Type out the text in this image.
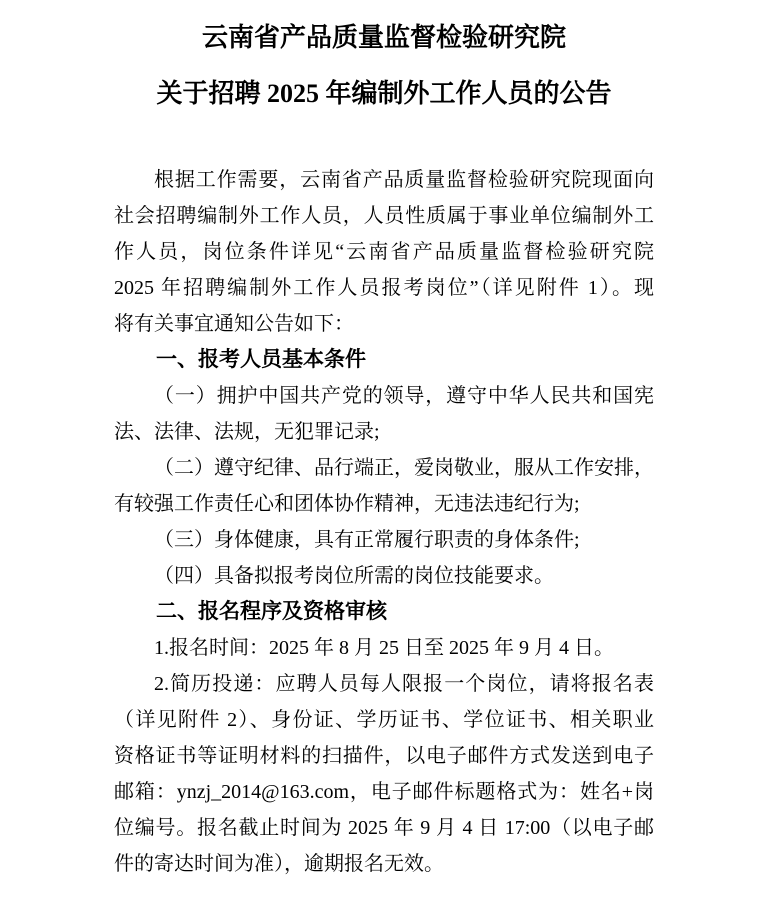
云南省产品质量监督检验研究院
关于招聘 2025 年编制外工作人员的公告
根据工作需要，云南省产品质量监督检验研究院现面向
社会招聘编制外工作人员，人员性质属于事业单位编制外工
作人员，岗位条件详见“云南省产品质量监督检验研究院
2025 年招聘编制外工作人员报考岗位”（详见附件 1）。现
将有关事宜通知公告如下：
一、报考人员基本条件
（一）拥护中国共产党的领导，遵守中华人民共和国宪
法、法律、法规，无犯罪记录;
（二）遵守纪律、品行端正，爱岗敬业，服从工作安排，
有较强工作责任心和团体协作精神，无违法违纪行为;
（三）身体健康，具有正常履行职责的身体条件;
（四）具备拟报考岗位所需的岗位技能要求。
二、报名程序及资格审核
1.报名时间：2025 年 8 月 25 日至 2025 年 9 月 4 日。
2.简历投递：应聘人员每人限报一个岗位，请将报名表
（详见附件 2）、身份证、学历证书、学位证书、相关职业
资格证书等证明材料的扫描件，以电子邮件方式发送到电子
邮箱：ynzj_2014@163.com，电子邮件标题格式为：姓名+岗
位编号。报名截止时间为 2025 年 9 月 4 日 17:00（以电子邮
件的寄达时间为准），逾期报名无效。
